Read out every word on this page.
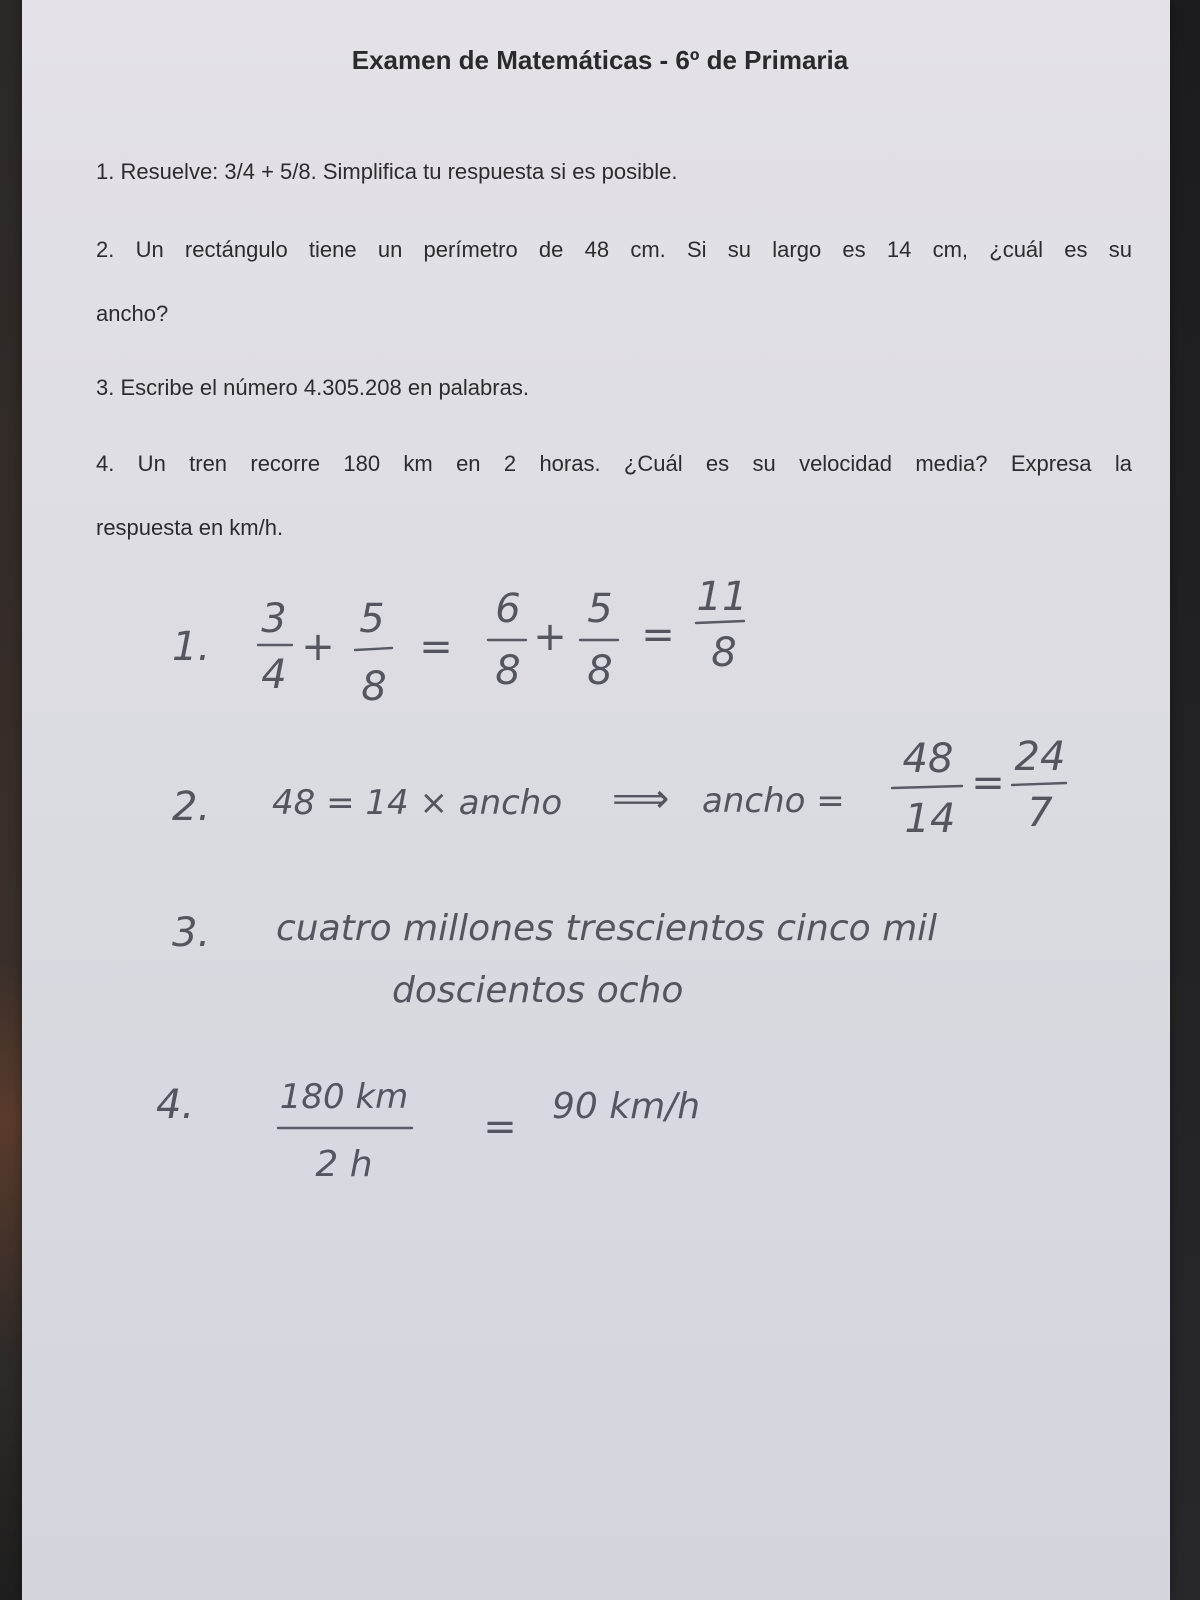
Examen de Matemáticas - 6º de Primaria
1. Resuelve: 3/4 + 5/8. Simplifica tu respuesta si es posible.
2. Un rectángulo tiene un perímetro de 48 cm. Si su largo es 14 cm, ¿cuál es su
ancho?
3. Escribe el número 4.305.208 en palabras.
4. Un tren recorre 180 km en 2 horas. ¿Cuál es su velocidad media? Expresa la
respuesta en km/h.
1.
3
4
+
5
8
=
6
8
+
5
8
=
11
8
2. 48 = 14 × ancho ⟹ ancho =
48
14
=
24
7
3. cuatro millones trescientos cinco mil
doscientos ocho
4.	180 km
2 h
= 90 km/h
